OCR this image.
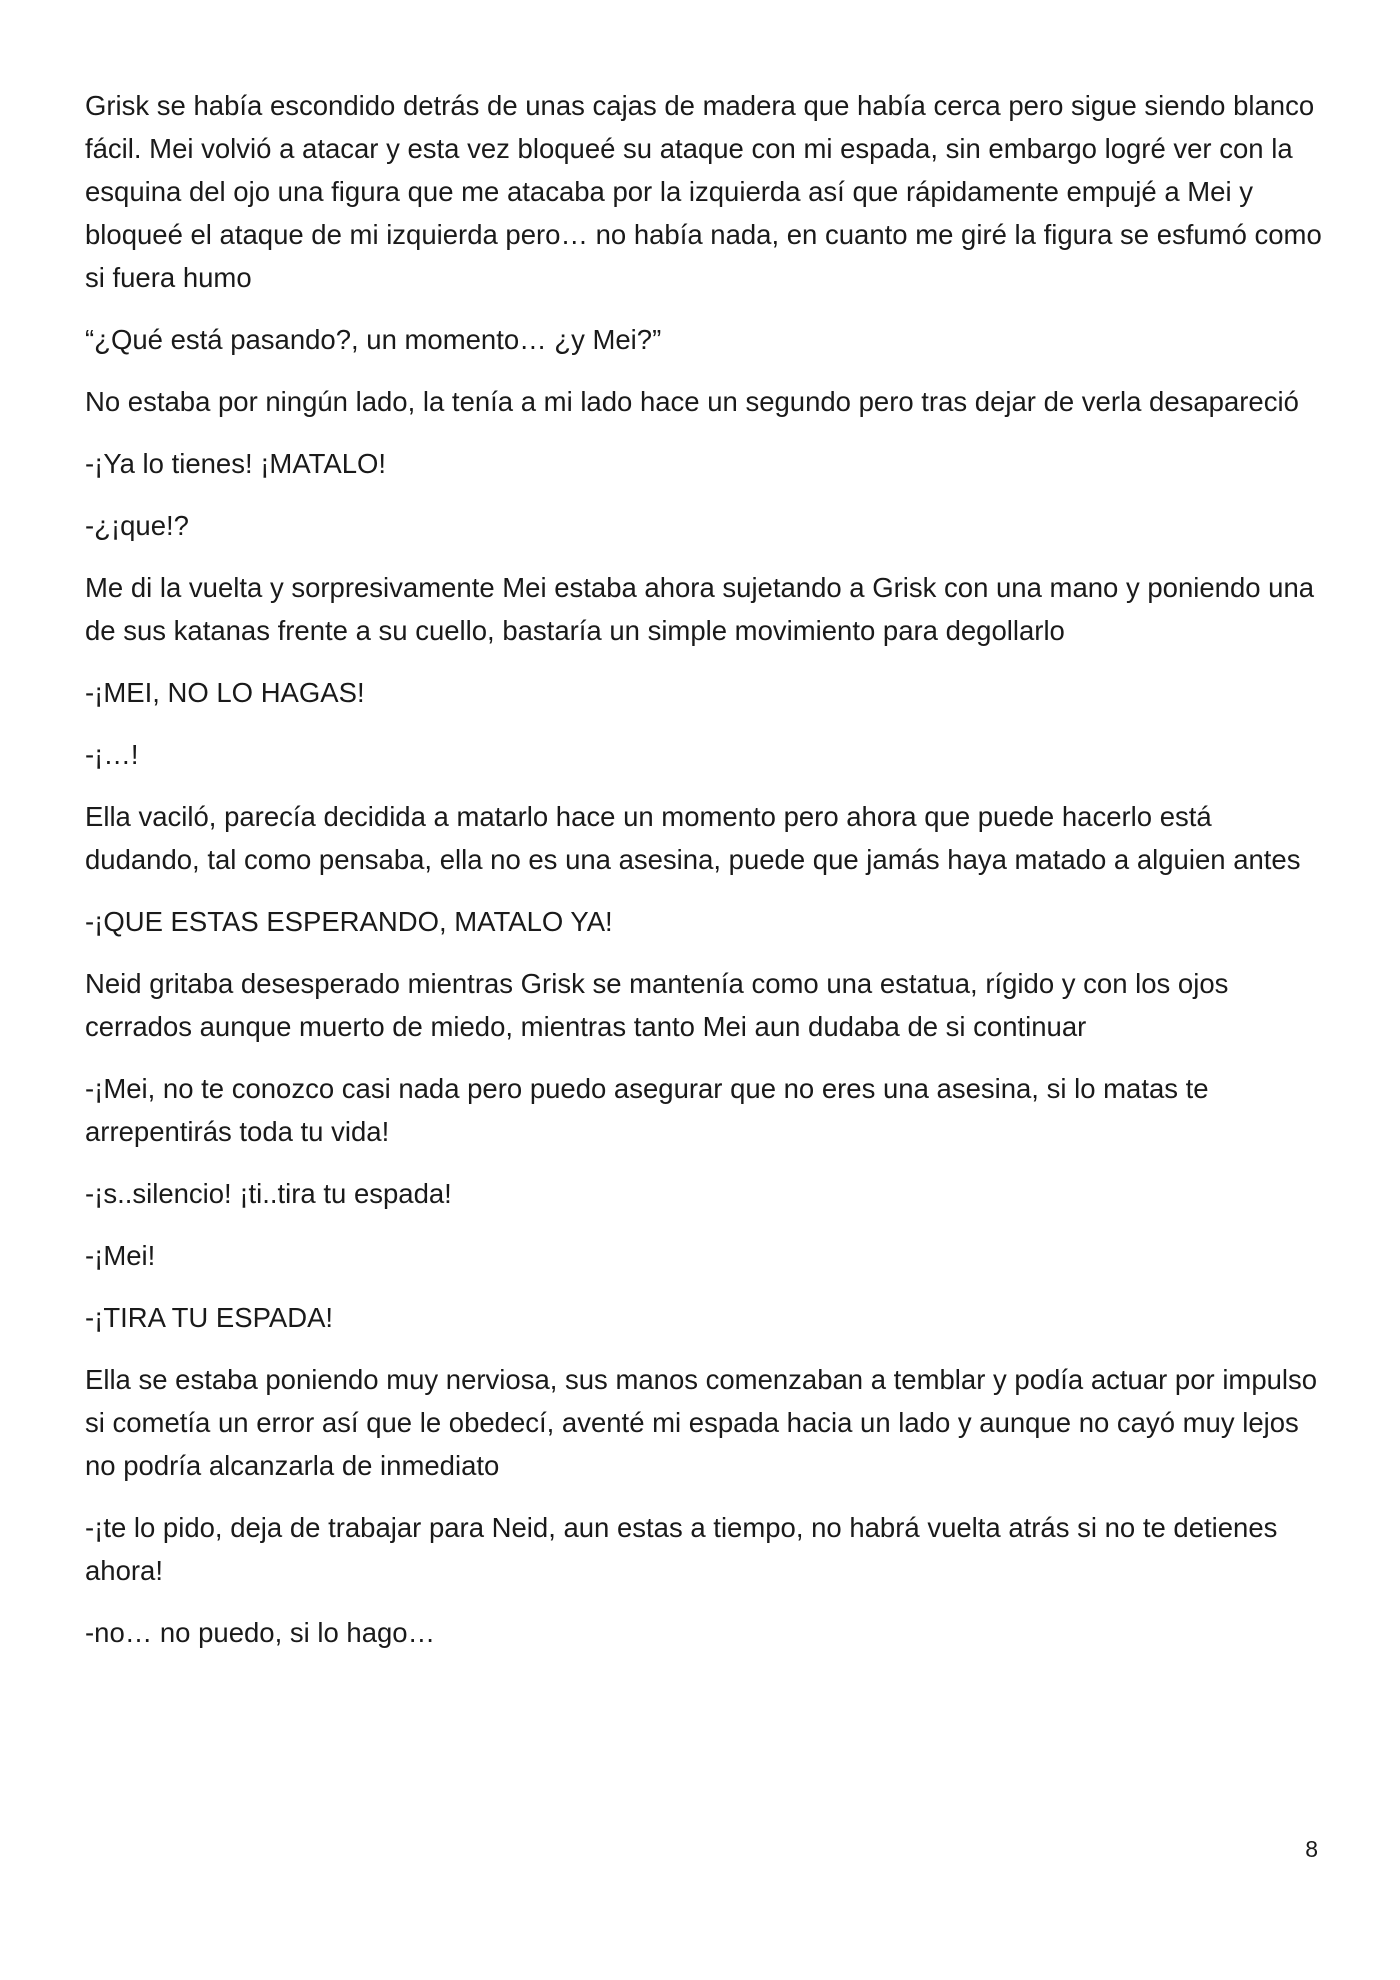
Grisk se había escondido detrás de unas cajas de madera que había cerca pero sigue siendo blanco fácil. Mei volvió a atacar y esta vez bloqueé su ataque con mi espada, sin embargo logré ver con la esquina del ojo una figura que me atacaba por la izquierda así que rápidamente empujé a Mei y bloqueé el ataque de mi izquierda pero… no había nada, en cuanto me giré la figura se esfumó como si fuera humo

“¿Qué está pasando?, un momento… ¿y Mei?”

No estaba por ningún lado, la tenía a mi lado hace un segundo pero tras dejar de verla desapareció

-¡Ya lo tienes! ¡MATALO!

-¿¡que!?

Me di la vuelta y sorpresivamente Mei estaba ahora sujetando a Grisk con una mano y poniendo una de sus katanas frente a su cuello, bastaría un simple movimiento para degollarlo

-¡MEI, NO LO HAGAS!

-¡…!

Ella vaciló, parecía decidida a matarlo hace un momento pero ahora que puede hacerlo está dudando, tal como pensaba, ella no es una asesina, puede que jamás haya matado a alguien antes

-¡QUE ESTAS ESPERANDO, MATALO YA!

Neid gritaba desesperado mientras Grisk se mantenía como una estatua, rígido y con los ojos cerrados aunque muerto de miedo, mientras tanto Mei aun dudaba de si continuar

-¡Mei, no te conozco casi nada pero puedo asegurar que no eres una asesina, si lo matas te arrepentirás toda tu vida!

-¡s..silencio! ¡ti..tira tu espada!

-¡Mei!

-¡TIRA TU ESPADA!

Ella se estaba poniendo muy nerviosa, sus manos comenzaban a temblar y podía actuar por impulso si cometía un error así que le obedecí, aventé mi espada hacia un lado y aunque no cayó muy lejos no podría alcanzarla de inmediato

-¡te lo pido, deja de trabajar para Neid, aun estas a tiempo, no habrá vuelta atrás si no te detienes ahora!

-no… no puedo, si lo hago…

8
